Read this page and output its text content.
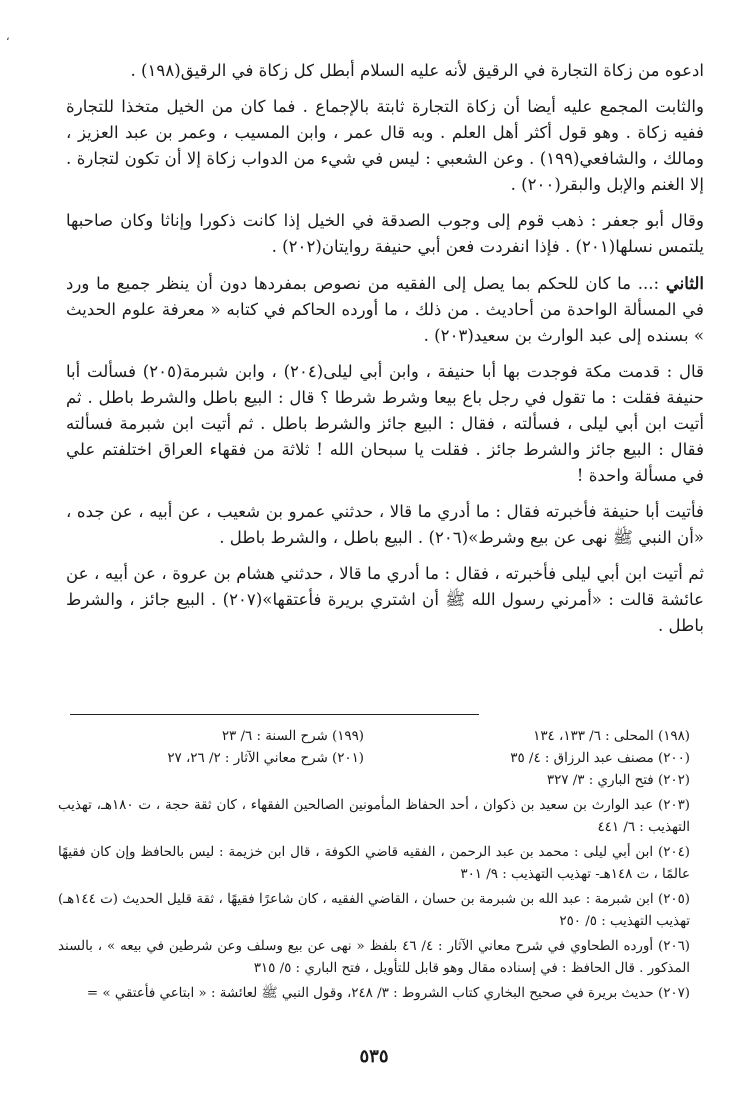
،

ادعوه من زكاة التجارة في الرقيق لأنه عليه السلام أبطل كل زكاة في الرقيق(١٩٨) .

والثابت المجمع عليه أيضا أن زكاة التجارة ثابتة بالإجماع . فما كان من الخيل متخذا للتجارة ففيه زكاة . وهو قول أكثر أهل العلم . وبه قال عمر ، وابن المسيب ، وعمر بن عبد العزيز ، ومالك ، والشافعي(١٩٩) . وعن الشعبي : ليس في شيء من الدواب زكاة إلا أن تكون لتجارة . إلا الغنم والإبل والبقر(٢٠٠) .

وقال أبو جعفر : ذهب قوم إلى وجوب الصدقة في الخيل إذا كانت ذكورا وإناثا وكان صاحبها يلتمس نسلها(٢٠١) . فإذا انفردت فعن أبي حنيفة روايتان(٢٠٢) .

الثاني :... ما كان للحكم بما يصل إلى الفقيه من نصوص بمفردها دون أن ينظر جميع ما ورد في المسألة الواحدة من أحاديث . من ذلك ، ما أورده الحاكم في كتابه « معرفة علوم الحديث » بسنده إلى عبد الوارث بن سعيد(٢٠٣) .

قال : قدمت مكة فوجدت بها أبا حنيفة ، وابن أبي ليلى(٢٠٤) ، وابن شبرمة(٢٠٥) فسألت أبا حنيفة فقلت : ما تقول في رجل باع بيعا وشرط شرطا ؟ قال : البيع باطل والشرط باطل . ثم أتيت ابن أبي ليلى ، فسألته ، فقال : البيع جائز والشرط باطل . ثم أتيت ابن شبرمة فسألته فقال : البيع جائز والشرط جائز . فقلت يا سبحان الله ! ثلاثة من فقهاء العراق اختلفتم علي في مسألة واحدة !

فأتيت أبا حنيفة فأخبرته فقال : ما أدري ما قالا ، حدثني عمرو بن شعيب ، عن أبيه ، عن جده ، «أن النبي ﷺ نهى عن بيع وشرط»(٢٠٦) . البيع باطل ، والشرط باطل .

ثم أتيت ابن أبي ليلى فأخبرته ، فقال : ما أدري ما قالا ، حدثني هشام بن عروة ، عن أبيه ، عن عائشة قالت : «أمرني رسول الله ﷺ أن اشتري بريرة فأعتقها»(٢٠٧) . البيع جائز ، والشرط باطل .

(١٩٨) المحلى : ٦/ ١٣٣، ١٣٤
(١٩٩) شرح السنة : ٦/ ٢٣
(٢٠٠) مصنف عبد الرزاق : ٤/ ٣٥
(٢٠١) شرح معاني الآثار : ٢/ ٢٦، ٢٧
(٢٠٢) فتح الباري : ٣/ ٣٢٧

(٢٠٣) عبد الوارث بن سعيد بن ذكوان ، أحد الحفاظ المأمونين الصالحين الفقهاء ، كان ثقة حجة ، ت ١٨٠هـ، تهذيب التهذيب : ٦/ ٤٤١

(٢٠٤) ابن أبي ليلى : محمد بن عبد الرحمن ، الفقيه قاضي الكوفة ، قال ابن خزيمة : ليس بالحافظ وإن كان فقيهًا عالمًا ، ت ١٤٨هـ- تهذيب التهذيب : ٩/ ٣٠١

(٢٠٥) ابن شبرمة : عبد الله بن شبرمة بن حسان ، القاضي الفقيه ، كان شاعرًا فقيهًا ، ثقة قليل الحديث (ت ١٤٤هـ) تهذيب التهذيب : ٥/ ٢٥٠

(٢٠٦) أورده الطحاوي في شرح معاني الآثار : ٤/ ٤٦ بلفظ « نهى عن بيع وسلف وعن شرطين في بيعه » ، بالسند المذكور . قال الحافظ : في إسناده مقال وهو قابل للتأويل ، فتح الباري : ٥/ ٣١٥

(٢٠٧) حديث بريرة في صحيح البخاري كتاب الشروط : ٣/ ٢٤٨، وقول النبي ﷺ لعائشة : « ابتاعي فأعتقي » =

٥٣٥
